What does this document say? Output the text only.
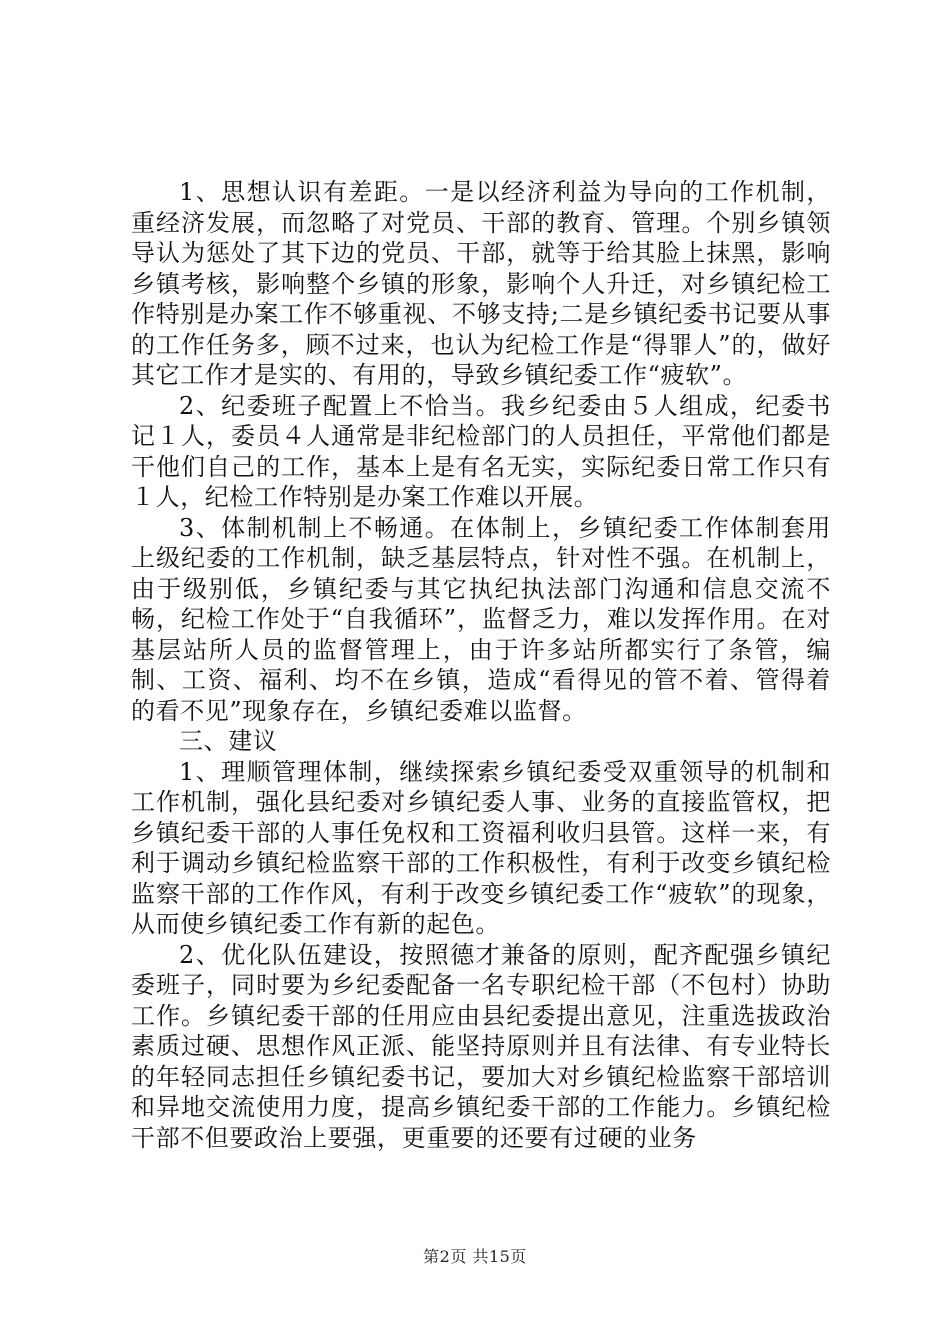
1、思想认识有差距。一是以经济利益为导向的工作机制，重经济发展，而忽略了对党员、干部的教育、管理。个别乡镇领导认为惩处了其下边的党员、干部，就等于给其脸上抹黑，影响乡镇考核，影响整个乡镇的形象，影响个人升迁，对乡镇纪检工作特别是办案工作不够重视、不够支持;二是乡镇纪委书记要从事的工作任务多，顾不过来，也认为纪检工作是“得罪人”的，做好其它工作才是实的、有用的，导致乡镇纪委工作“疲软”。

2、纪委班子配置上不恰当。我乡纪委由５人组成，纪委书记１人，委员４人通常是非纪检部门的人员担任，平常他们都是干他们自己的工作，基本上是有名无实，实际纪委日常工作只有１人，纪检工作特别是办案工作难以开展。

3、体制机制上不畅通。在体制上，乡镇纪委工作体制套用上级纪委的工作机制，缺乏基层特点，针对性不强。在机制上，由于级别低，乡镇纪委与其它执纪执法部门沟通和信息交流不畅，纪检工作处于“自我循环”，监督乏力，难以发挥作用。在对基层站所人员的监督管理上，由于许多站所都实行了条管，编制、工资、福利、均不在乡镇，造成“看得见的管不着、管得着的看不见”现象存在，乡镇纪委难以监督。

三、建议

1、理顺管理体制，继续探索乡镇纪委受双重领导的机制和工作机制，强化县纪委对乡镇纪委人事、业务的直接监管权，把乡镇纪委干部的人事任免权和工资福利收归县管。这样一来，有利于调动乡镇纪检监察干部的工作积极性，有利于改变乡镇纪检监察干部的工作作风，有利于改变乡镇纪委工作“疲软”的现象，从而使乡镇纪委工作有新的起色。

2、优化队伍建设，按照德才兼备的原则，配齐配强乡镇纪委班子，同时要为乡纪委配备一名专职纪检干部（不包村）协助工作。乡镇纪委干部的任用应由县纪委提出意见，注重选拔政治素质过硬、思想作风正派、能坚持原则并且有法律、有专业特长的年轻同志担任乡镇纪委书记，要加大对乡镇纪检监察干部培训和异地交流使用力度，提高乡镇纪委干部的工作能力。乡镇纪检干部不但要政治上要强，更重要的还要有过硬的业务

第2页 共15页
